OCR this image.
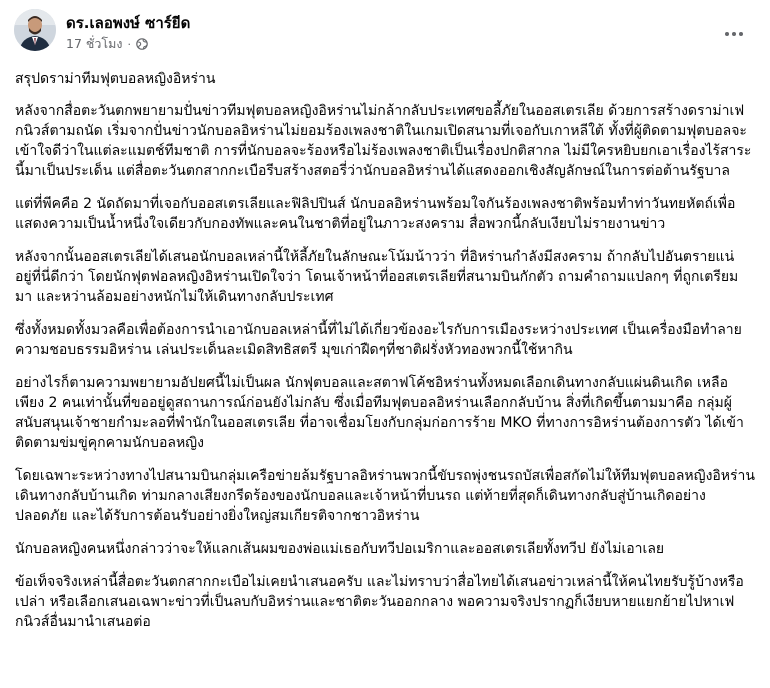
ดร.เลอพงษ์ ซาร์ยีด
17 ชั่วโมง ·

สรุปดราม่าทีมฟุตบอลหญิงอิหร่าน

หลังจากสื่อตะวันตกพยายามปั่นข่าวทีมฟุตบอลหญิงอิหร่านไม่กล้ากลับประเทศขอลี้ภัยในออสเตรเลีย ด้วยการสร้างดราม่าเฟกนิวส์ตามถนัด เริ่มจากปั่นข่าวนักบอลอิหร่านไม่ยอมร้องเพลงชาติในเกมเปิดสนามที่เจอกับเกาหลีใต้ ทั้งที่ผู้ติดตามฟุตบอลจะเข้าใจดีว่าในแต่ละแมตช์ทีมชาติ การที่นักบอลจะร้องหรือไม่ร้องเพลงชาติเป็นเรื่องปกติสากล ไม่มีใครหยิบยกเอาเรื่องไร้สาระนี้มาเป็นประเด็น แต่สื่อตะวันตกสากกะเบือรีบสร้างสตอรี่ว่านักบอลอิหร่านได้แสดงออกเชิงสัญลักษณ์ในการต่อต้านรัฐบาล

แต่ที่พีคคือ 2 นัดถัดมาที่เจอกับออสเตรเลียและฟิลิปปินส์ นักบอลอิหร่านพร้อมใจกันร้องเพลงชาติพร้อมทำท่าวันทยหัตถ์เพื่อแสดงความเป็นน้ำหนึ่งใจเดียวกับกองทัพและคนในชาติที่อยู่ในภาวะสงคราม สื่อพวกนี้กลับเงียบไม่รายงานข่าว

หลังจากนั้นออสเตรเลียได้เสนอนักบอลเหล่านี้ให้ลี้ภัยในลักษณะโน้มน้าวว่า ที่อิหร่านกำลังมีสงคราม ถ้ากลับไปอันตรายแน่ อยู่ที่นี่ดีกว่า โดยนักฟุตฟอลหญิงอิหร่านเปิดใจว่า โดนเจ้าหน้าที่ออสเตรเลียที่สนามบินกักตัว ถามคำถามแปลกๆ ที่ถูกเตรียมมา และหว่านล้อมอย่างหนักไม่ให้เดินทางกลับประเทศ

ซึ่งทั้งหมดทั้งมวลคือเพื่อต้องการนำเอานักบอลเหล่านี้ที่ไม่ได้เกี่ยวข้องอะไรกับการเมืองระหว่างประเทศ เป็นเครื่องมือทำลายความชอบธรรมอิหร่าน เล่นประเด็นละเมิดสิทธิสตรี มุขเก่าฝืดๆที่ชาติฝรั่งหัวทองพวกนี้ใช้หากิน

อย่างไรก็ตามความพยายามอัปยศนี้ไม่เป็นผล นักฟุตบอลและสตาฟโค้ชอิหร่านทั้งหมดเลือกเดินทางกลับแผ่นดินเกิด เหลือเพียง 2 คนเท่านั้นที่ขออยู่ดูสถานการณ์ก่อนยังไม่กลับ ซึ่งเมื่อทีมฟุตบอลอิหร่านเลือกกลับบ้าน สิ่งที่เกิดขึ้นตามมาคือ กลุ่มผู้สนับสนุนเจ้าชายกำมะลอที่พำนักในออสเตรเลีย ที่อาจเชื่อมโยงกับกลุ่มก่อการร้าย MKO ที่ทางการอิหร่านต้องการตัว ได้เข้าติดตามข่มขู่คุกคามนักบอลหญิง

โดยเฉพาะระหว่างทางไปสนามบินกลุ่มเครือข่ายล้มรัฐบาลอิหร่านพวกนี้ขับรถพุ่งชนรถบัสเพื่อสกัดไม่ให้ทีมฟุตบอลหญิงอิหร่านเดินทางกลับบ้านเกิด ท่ามกลางเสียงกรีดร้องของนักบอลและเจ้าหน้าที่บนรถ แต่ท้ายที่สุดก็เดินทางกลับสู่บ้านเกิดอย่างปลอดภัย และได้รับการต้อนรับอย่างยิ่งใหญ่สมเกียรติจากชาวอิหร่าน

นักบอลหญิงคนหนึ่งกล่าวว่าจะให้แลกเส้นผมของพ่อแม่เธอกับทวีปอเมริกาและออสเตรเลียทั้งทวีป ยังไม่เอาเลย

ข้อเท็จจริงเหล่านี้สื่อตะวันตกสากกะเบือไม่เคยนำเสนอครับ และไม่ทราบว่าสื่อไทยได้เสนอข่าวเหล่านี้ให้คนไทยรับรู้บ้างหรือเปล่า หรือเลือกเสนอเฉพาะข่าวที่เป็นลบกับอิหร่านและชาติตะวันออกกลาง พอความจริงปรากฏก็เงียบหายแยกย้ายไปหาเฟกนิวส์อื่นมานำเสนอต่อ
